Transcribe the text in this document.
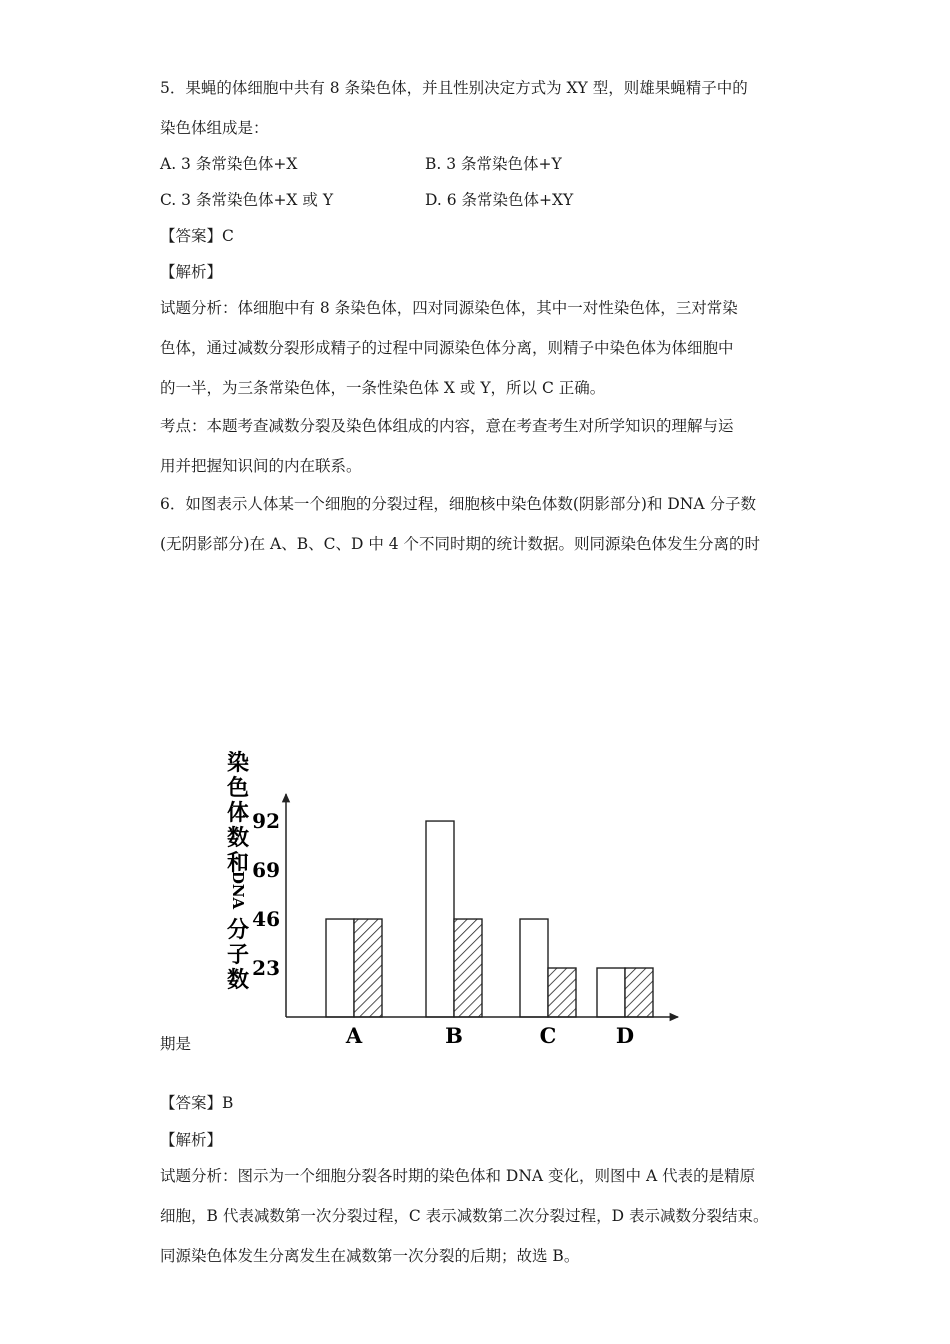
5．果蝇的体细胞中共有 8 条染色体，并且性别决定方式为 XY 型，则雄果蝇精子中的
染色体组成是：
A. 3 条常染色体+X	B. 3 条常染色体+Y
C. 3 条常染色体+X 或 Y	D. 6 条常染色体+XY
【答案】C
【解析】
试题分析：体细胞中有 8 条染色体，四对同源染色体，其中一对性染色体，三对常染
色体，通过减数分裂形成精子的过程中同源染色体分离，则精子中染色体为体细胞中
的一半，为三条常染色体，一条性染色体 X 或 Y，所以 C 正确。
考点：本题考查减数分裂及染色体组成的内容，意在考查考生对所学知识的理解与运
用并把握知识间的内在联系。
6．如图表示人体某一个细胞的分裂过程，细胞核中染色体数(阴影部分)和 DNA 分子数
(无阴影部分)在 A、B、C、D 中 4 个不同时期的统计数据。则同源染色体发生分离的时
染
色
体
数
和
DNA
分
子
数 23
46
69
92
A	B	C	D
期是
【答案】B
【解析】
试题分析：图示为一个细胞分裂各时期的染色体和 DNA 变化，则图中 A 代表的是精原
细胞，B 代表减数第一次分裂过程，C 表示减数第二次分裂过程，D 表示减数分裂结束。
同源染色体发生分离发生在减数第一次分裂的后期；故选 B。
